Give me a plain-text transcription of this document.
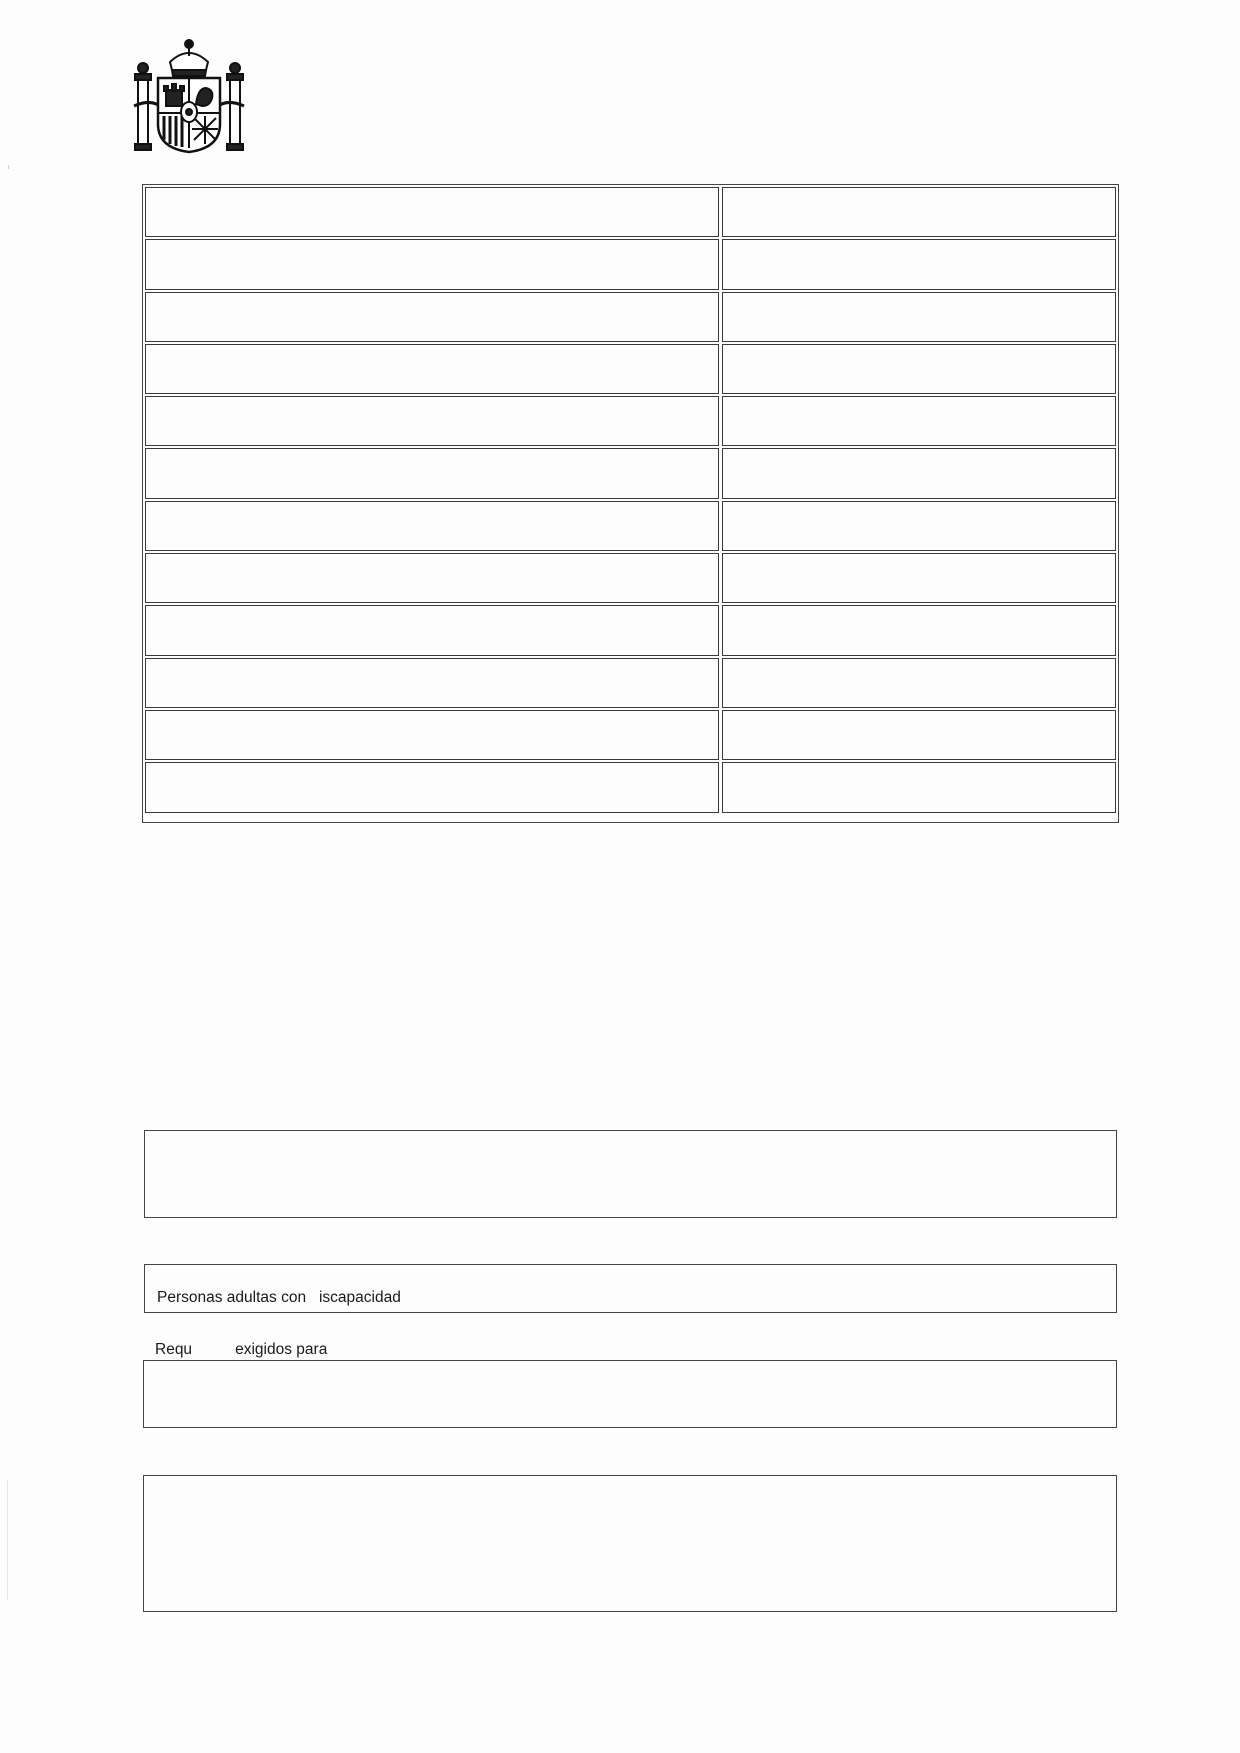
Personas adultas con   iscapacidad
Requ          exigidos para
